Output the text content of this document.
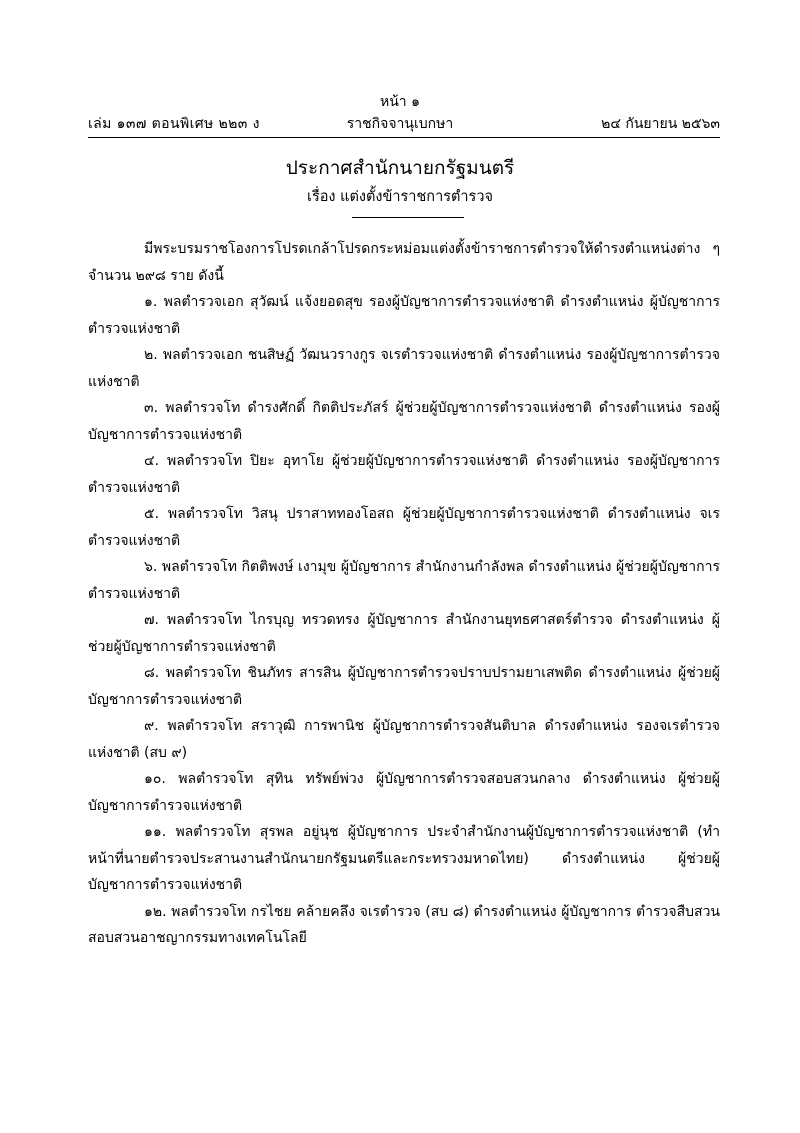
หน้า ๑
เล่ม ๑๓๗ ตอนพิเศษ ๒๒๓ ง	ราชกิจจานุเบกษา	๒๔ กันยายน ๒๕๖๓
ประกาศสำนักนายกรัฐมนตรี
เรื่อง แต่งตั้งข้าราชการตำรวจ

มีพระบรมราชโองการโปรดเกล้าโปรดกระหม่อมแต่งตั้งข้าราชการตำรวจให้ดำรงตำแหน่งต่าง ๆ จำนวน ๒๙๘ ราย ดังนี้

๑. พลตำรวจเอก สุวัฒน์ แจ้งยอดสุข รองผู้บัญชาการตำรวจแห่งชาติ ดำรงตำแหน่ง ผู้บัญชาการตำรวจแห่งชาติ

๒. พลตำรวจเอก ชนสิษฏ์ วัฒนวรางกูร จเรตำรวจแห่งชาติ ดำรงตำแหน่ง รองผู้บัญชาการตำรวจแห่งชาติ

๓. พลตำรวจโท ดำรงศักดิ์ กิตติประภัสร์ ผู้ช่วยผู้บัญชาการตำรวจแห่งชาติ ดำรงตำแหน่ง รองผู้บัญชาการตำรวจแห่งชาติ

๔. พลตำรวจโท ปิยะ อุทาโย ผู้ช่วยผู้บัญชาการตำรวจแห่งชาติ ดำรงตำแหน่ง รองผู้บัญชาการตำรวจแห่งชาติ

๕. พลตำรวจโท วิสนุ ปราสาททองโอสถ ผู้ช่วยผู้บัญชาการตำรวจแห่งชาติ ดำรงตำแหน่ง จเรตำรวจแห่งชาติ

๖. พลตำรวจโท กิตติพงษ์ เงามุข ผู้บัญชาการ สำนักงานกำลังพล ดำรงตำแหน่ง ผู้ช่วยผู้บัญชาการตำรวจแห่งชาติ

๗. พลตำรวจโท ไกรบุญ ทรวดทรง ผู้บัญชาการ สำนักงานยุทธศาสตร์ตำรวจ ดำรงตำแหน่ง ผู้ช่วยผู้บัญชาการตำรวจแห่งชาติ

๘. พลตำรวจโท ชินภัทร สารสิน ผู้บัญชาการตำรวจปราบปรามยาเสพติด ดำรงตำแหน่ง ผู้ช่วยผู้บัญชาการตำรวจแห่งชาติ

๙. พลตำรวจโท สราวุฒิ การพานิช ผู้บัญชาการตำรวจสันติบาล ดำรงตำแหน่ง รองจเรตำรวจแห่งชาติ (สบ ๙)

๑๐. พลตำรวจโท สุทิน ทรัพย์พ่วง ผู้บัญชาการตำรวจสอบสวนกลาง ดำรงตำแหน่ง ผู้ช่วยผู้บัญชาการตำรวจแห่งชาติ

๑๑. พลตำรวจโท สุรพล อยู่นุช ผู้บัญชาการ ประจำสำนักงานผู้บัญชาการตำรวจแห่งชาติ (ทำหน้าที่นายตำรวจประสานงานสำนักนายกรัฐมนตรีและกระทรวงมหาดไทย) ดำรงตำแหน่ง ผู้ช่วยผู้บัญชาการตำรวจแห่งชาติ

๑๒. พลตำรวจโท กรไชย คล้ายคลึง จเรตำรวจ (สบ ๘) ดำรงตำแหน่ง ผู้บัญชาการ ตำรวจสืบสวนสอบสวนอาชญากรรมทางเทคโนโลยี
